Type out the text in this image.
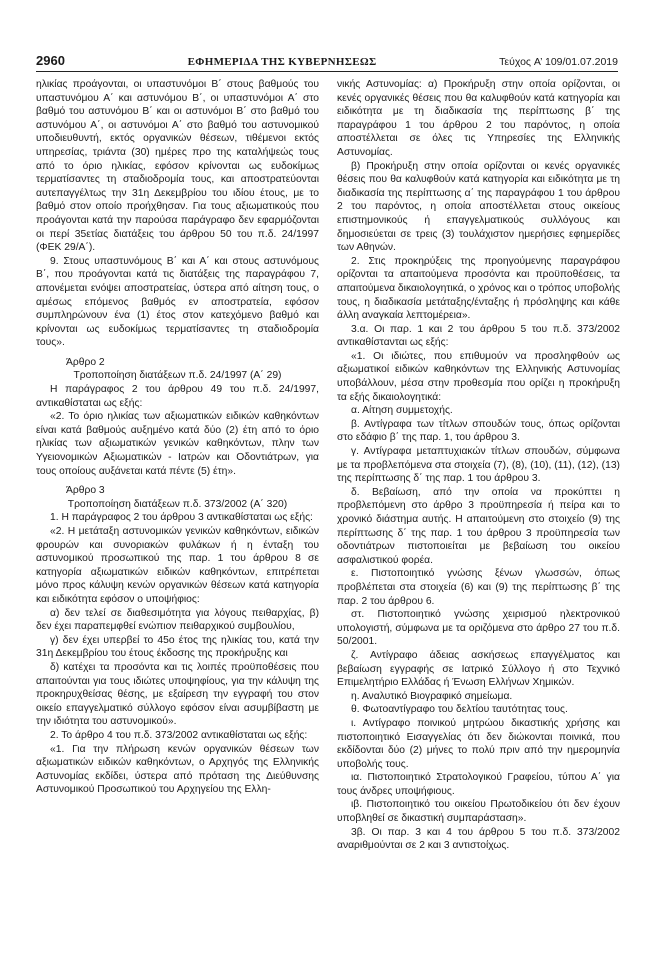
2960	ΕΦΗΜΕΡΙΔΑ ΤΗΣ ΚΥΒΕΡΝΗΣΕΩΣ	Τεύχος A’ 109/01.07.2019

ηλικίας προάγονται, οι υπαστυνόμοι Β΄ στους βαθμούς του υπαστυνόμου Α΄ και αστυνόμου Β΄, οι υπαστυνόμοι Α΄ στο βαθμό του αστυνόμου Β΄ και οι αστυνόμοι Β΄ στο βαθμό του αστυνόμου Α΄, οι αστυνόμοι Α΄ στο βαθμό του αστυνομικού υποδιευθυντή, εκτός οργανικών θέσεων, τιθέμενοι εκτός υπηρεσίας, τριάντα (30) ημέρες προ της καταλήψεώς τους από το όριο ηλικίας, εφόσον κρίνονται ως ευδοκίμως τερματίσαντες τη σταδιοδρομία τους, και αποστρατεύονται αυτεπαγγέλτως την 31η Δεκεμβρίου του ιδίου έτους, με το βαθμό στον οποίο προήχθησαν. Για τους αξιωματικούς που προάγονται κατά την παρούσα παράγραφο δεν εφαρμόζονται οι περί 35ετίας διατάξεις του άρθρου 50 του π.δ. 24/1997 (ΦΕΚ 29/Α΄).

9. Στους υπαστυνόμους Β΄ και Α΄ και στους αστυνόμους Β΄, που προάγονται κατά τις διατάξεις της παραγράφου 7, απονέμεται ενόψει αποστρατείας, ύστερα από αίτηση τους, ο αμέσως επόμενος βαθμός εν αποστρατεία, εφόσον συμπληρώνουν ένα (1) έτος στον κατεχόμενο βαθμό και κρίνονται ως ευδοκίμως τερματίσαντες τη σταδιοδρομία τους».

Άρθρο 2

Τροποποίηση διατάξεων π.δ. 24/1997 (Α΄ 29)

Η παράγραφος 2 του άρθρου 49 του π.δ. 24/1997, αντικαθίσταται ως εξής:

«2. Το όριο ηλικίας των αξιωματικών ειδικών καθηκόντων είναι κατά βαθμούς αυξημένο κατά δύο (2) έτη από το όριο ηλικίας των αξιωματικών γενικών καθηκόντων, πλην των Υγειονομικών Αξιωματικών - Ιατρών και Οδοντιάτρων, για τους οποίους αυξάνεται κατά πέντε (5) έτη».

Άρθρο 3

Τροποποίηση διατάξεων π.δ. 373/2002 (Α΄ 320)

1. Η παράγραφος 2 του άρθρου 3 αντικαθίσταται ως εξής:

«2. Η μετάταξη αστυνομικών γενικών καθηκόντων, ειδικών φρουρών και συνοριακών φυλάκων ή η ένταξη του αστυνομικού προσωπικού της παρ. 1 του άρθρου 8 σε κατηγορία αξιωματικών ειδικών καθηκόντων, επιτρέπεται μόνο προς κάλυψη κενών οργανικών θέσεων κατά κατηγορία και ειδικότητα εφόσον ο υποψήφιος:

α) δεν τελεί σε διαθεσιμότητα για λόγους πειθαρχίας, β) δεν έχει παραπεμφθεί ενώπιον πειθαρχικού συμβουλίου,

γ) δεν έχει υπερβεί το 45ο έτος της ηλικίας του, κατά την 31η Δεκεμβρίου του έτους έκδοσης της προκήρυξης και

δ) κατέχει τα προσόντα και τις λοιπές προϋποθέσεις που απαιτούνται για τους ιδιώτες υποψηφίους, για την κάλυψη της προκηρυχθείσας θέσης, με εξαίρεση την εγγραφή του στον οικείο επαγγελματικό σύλλογο εφόσον είναι ασυμβίβαστη με την ιδιότητα του αστυνομικού».

2. Το άρθρο 4 του π.δ. 373/2002 αντικαθίσταται ως εξής:

«1. Για την πλήρωση κενών οργανικών θέσεων των αξιωματικών ειδικών καθηκόντων, ο Αρχηγός της Ελληνικής Αστυνομίας εκδίδει, ύστερα από πρόταση της Διεύθυνσης Αστυνομικού Προσωπικού του Αρχηγείου της Ελλη-

νικής Αστυνομίας: α) Προκήρυξη στην οποία ορίζονται, οι κενές οργανικές θέσεις που θα καλυφθούν κατά κατηγορία και ειδικότητα με τη διαδικασία της περίπτωσης β΄ της παραγράφου 1 του άρθρου 2 του παρόντος, η οποία αποστέλλεται σε όλες τις Υπηρεσίες της Ελληνικής Αστυνομίας.

β) Προκήρυξη στην οποία ορίζονται οι κενές οργανικές θέσεις που θα καλυφθούν κατά κατηγορία και ειδικότητα με τη διαδικασία της περίπτωσης α΄ της παραγράφου 1 του άρθρου 2 του παρόντος, η οποία αποστέλλεται στους οικείους επιστημονικούς ή επαγγελματικούς συλλόγους και δημοσιεύεται σε τρεις (3) τουλάχιστον ημερήσιες εφημερίδες των Αθηνών.

2. Στις προκηρύξεις της προηγούμενης παραγράφου ορίζονται τα απαιτούμενα προσόντα και προϋποθέσεις, τα απαιτούμενα δικαιολογητικά, ο χρόνος και ο τρόπος υποβολής τους, η διαδικασία μετάταξης/ένταξης ή πρόσληψης και κάθε άλλη αναγκαία λεπτομέρεια».

3.α. Οι παρ. 1 και 2 του άρθρου 5 του π.δ. 373/2002 αντικαθίστανται ως εξής:

«1. Οι ιδιώτες, που επιθυμούν να προσληφθούν ως αξιωματικοί ειδικών καθηκόντων της Ελληνικής Αστυνομίας υποβάλλουν, μέσα στην προθεσμία που ορίζει η προκήρυξη τα εξής δικαιολογητικά:

α. Αίτηση συμμετοχής.

β. Αντίγραφα των τίτλων σπουδών τους, όπως ορίζονται στο εδάφιο β΄ της παρ. 1, του άρθρου 3.

γ. Αντίγραφα μεταπτυχιακών τίτλων σπουδών, σύμφωνα με τα προβλεπόμενα στα στοιχεία (7), (8), (10), (11), (12), (13) της περίπτωσης δ΄ της παρ. 1 του άρθρου 3.

δ. Βεβαίωση, από την οποία να προκύπτει η προβλεπόμενη στο άρθρο 3 προϋπηρεσία ή πείρα και το χρονικό διάστημα αυτής. Η απαιτούμενη στο στοιχείο (9) της περίπτωσης δ΄ της παρ. 1 του άρθρου 3 προϋπηρεσία των οδοντιάτρων πιστοποιείται με βεβαίωση του οικείου ασφαλιστικού φορέα.

ε. Πιστοποιητικό γνώσης ξένων γλωσσών, όπως προβλέπεται στα στοιχεία (6) και (9) της περίπτωσης β΄ της παρ. 2 του άρθρου 6.

στ. Πιστοποιητικό γνώσης χειρισμού ηλεκτρονικού υπολογιστή, σύμφωνα με τα οριζόμενα στο άρθρο 27 του π.δ. 50/2001.

ζ. Αντίγραφο άδειας ασκήσεως επαγγέλματος και βεβαίωση εγγραφής σε Ιατρικό Σύλλογο ή στο Τεχνικό Επιμελητήριο Ελλάδας ή Ένωση Ελλήνων Χημικών.

η. Αναλυτικό Βιογραφικό σημείωμα.

θ. Φωτοαντίγραφο του δελτίου ταυτότητας τους.

ι. Αντίγραφο ποινικού μητρώου δικαστικής χρήσης και πιστοποιητικό Εισαγγελίας ότι δεν διώκονται ποινικά, που εκδίδονται δύο (2) μήνες το πολύ πριν από την ημερομηνία υποβολής τους.

ια. Πιστοποιητικό Στρατολογικού Γραφείου, τύπου Α΄ για τους άνδρες υποψήφιους.

ιβ. Πιστοποιητικό του οικείου Πρωτοδικείου ότι δεν έχουν υποβληθεί σε δικαστική συμπαράσταση».

3β. Οι παρ. 3 και 4 του άρθρου 5 του π.δ. 373/2002 αναριθμούνται σε 2 και 3 αντιστοίχως.
